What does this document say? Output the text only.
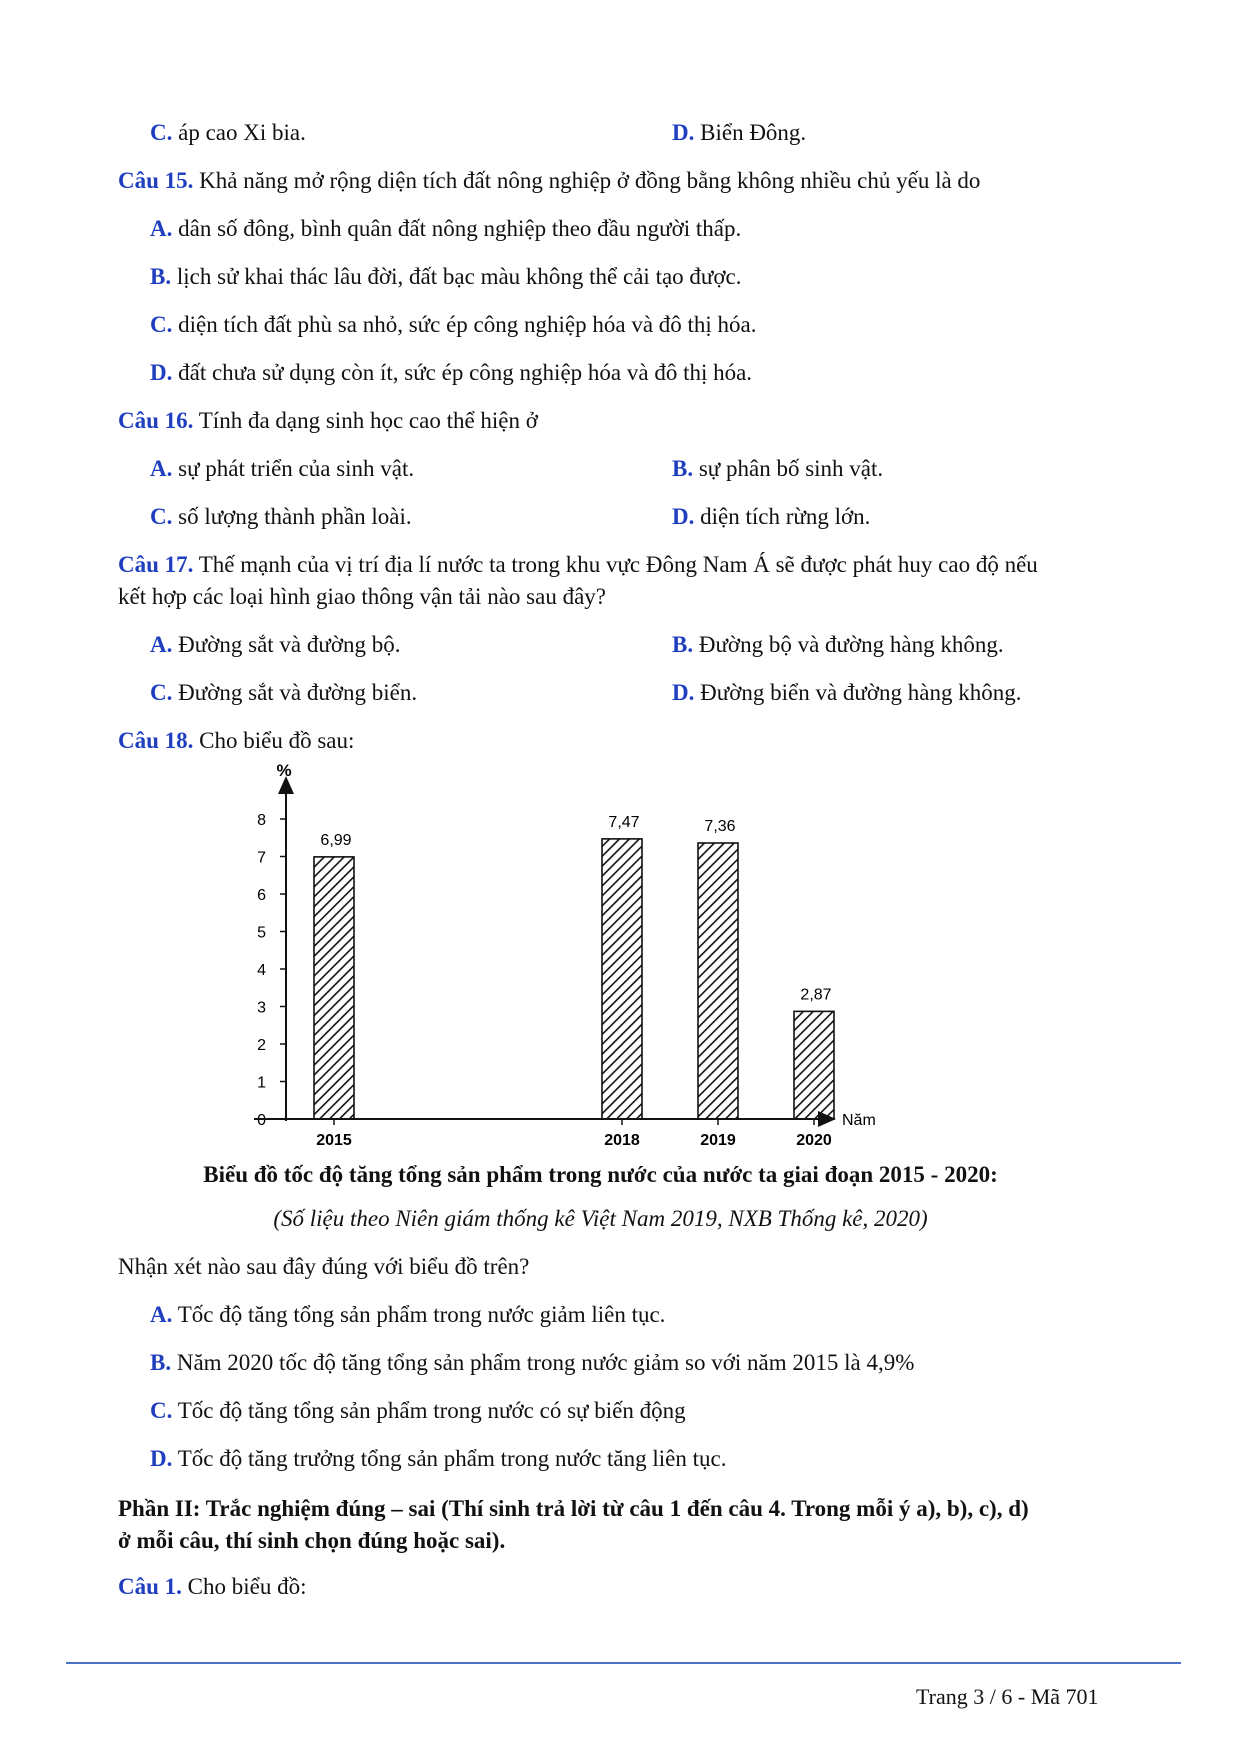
C. áp cao Xi bia.	D. Biển Đông.
Câu 15. Khả năng mở rộng diện tích đất nông nghiệp ở đồng bằng không nhiều chủ yếu là do
A. dân số đông, bình quân đất nông nghiệp theo đầu người thấp.
B. lịch sử khai thác lâu đời, đất bạc màu không thể cải tạo được.
C. diện tích đất phù sa nhỏ, sức ép công nghiệp hóa và đô thị hóa.
D. đất chưa sử dụng còn ít, sức ép công nghiệp hóa và đô thị hóa.
Câu 16. Tính đa dạng sinh học cao thể hiện ở
A. sự phát triển của sinh vật.	B. sự phân bố sinh vật.
C. số lượng thành phần loài.	D. diện tích rừng lớn.
Câu 17. Thế mạnh của vị trí địa lí nước ta trong khu vực Đông Nam Á sẽ được phát huy cao độ nếu
kết hợp các loại hình giao thông vận tải nào sau đây?
A. Đường sắt và đường bộ.	B. Đường bộ và đường hàng không.
C. Đường sắt và đường biển.	D. Đường biển và đường hàng không.
Câu 18. Cho biểu đồ sau:
0
1
2
3
4
5
6
7
8
6,99
7,47	7,36
2,87
2015	2018	2019	2020
%
Năm
Biểu đồ tốc độ tăng tổng sản phẩm trong nước của nước ta giai đoạn 2015 - 2020:
(Số liệu theo Niên giám thống kê Việt Nam 2019, NXB Thống kê, 2020)
Nhận xét nào sau đây đúng với biểu đồ trên?
A. Tốc độ tăng tổng sản phẩm trong nước giảm liên tục.
B. Năm 2020 tốc độ tăng tổng sản phẩm trong nước giảm so với năm 2015 là 4,9%
C. Tốc độ tăng tổng sản phẩm trong nước có sự biến động
D. Tốc độ tăng trưởng tổng sản phẩm trong nước tăng liên tục.
Phần II: Trắc nghiệm đúng – sai (Thí sinh trả lời từ câu 1 đến câu 4. Trong mỗi ý a), b), c), d)
ở mỗi câu, thí sinh chọn đúng hoặc sai).
Câu 1. Cho biểu đồ:
Trang 3 / 6 - Mã 701
